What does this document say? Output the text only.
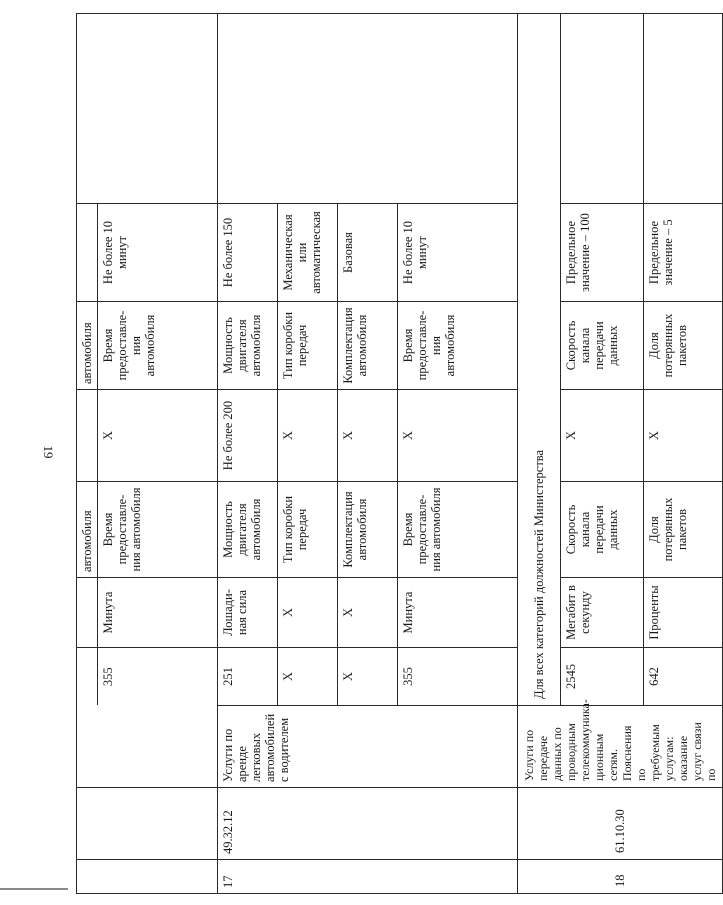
19
					автомобиля		автомобиля		
			355	Минута	Время предоставле-ния автомобиля	X	Время предоставле-ния автомобиля	Не более 10 минут	
17	49.32.12	Услуги по аренде легковых автомобилей с водителем	251	Лошади-ная сила	Мощность двигателя автомобиля	Не более 200	Мощность двигателя автомобиля	Не более 150	
			X	X	Тип коробки передач	X	Тип коробки передач	Механическая или автоматическая	
			X	X	Комплектация автомобиля	X	Комплектация автомобиля	Базовая	
			355	Минута	Время предоставле-ния автомобиля	X	Время предоставле-ния автомобиля	Не более 10 минут	
18	61.10.30	Услуги по передаче данных по проводным телекоммуника-ционным сетям. Пояснения по требуемым услугам: оказание услуг связи по	Для всех категорий должностей Министерства						
			2545	Мегабит в секунду	Скорость канала передачи данных	X	Скорость канала передачи данных	Предельное значение – 100	
			642	Проценты	Доля потерянных пакетов	X	Доля потерянных пакетов	Предельное значение – 5	
